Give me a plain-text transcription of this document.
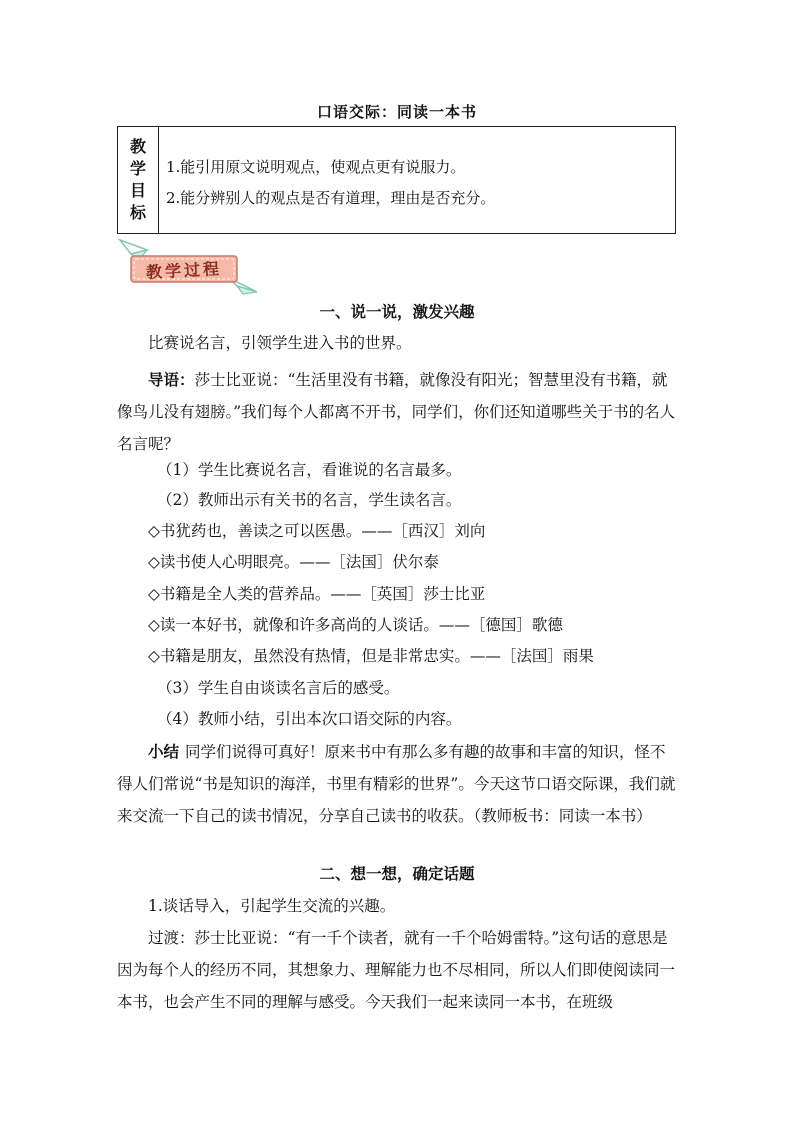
口语交际：同读一本书
教
学
目
标
1.能引用原文说明观点，使观点更有说服力。
2.能分辨别人的观点是否有道理，理由是否充分。
教学过程
一、说一说，激发兴趣
比赛说名言，引领学生进入书的世界。
导语：莎士比亚说：“生活里没有书籍，就像没有阳光；智慧里没有书籍，就像鸟儿没有翅膀。”我们每个人都离不开书，同学们，你们还知道哪些关于书的名人名言呢？
（1）学生比赛说名言，看谁说的名言最多。
（2）教师出示有关书的名言，学生读名言。
◇书犹药也，善读之可以医愚。——［西汉］刘向
◇读书使人心明眼亮。——［法国］伏尔泰
◇书籍是全人类的营养品。——［英国］莎士比亚
◇读一本好书，就像和许多高尚的人谈话。——［德国］歌德
◇书籍是朋友，虽然没有热情，但是非常忠实。——［法国］雨果
（3）学生自由谈读名言后的感受。
（4）教师小结，引出本次口语交际的内容。
小结 同学们说得可真好！原来书中有那么多有趣的故事和丰富的知识，怪不得人们常说“书是知识的海洋，书里有精彩的世界”。今天这节口语交际课，我们就来交流一下自己的读书情况，分享自己读书的收获。（教师板书：同读一本书）
二、想一想，确定话题
1.谈话导入，引起学生交流的兴趣。
过渡：莎士比亚说：“有一千个读者，就有一千个哈姆雷特。”这句话的意思是因为每个人的经历不同，其想象力、理解能力也不尽相同，所以人们即使阅读同一本书，也会产生不同的理解与感受。今天我们一起来读同一本书，在班级
